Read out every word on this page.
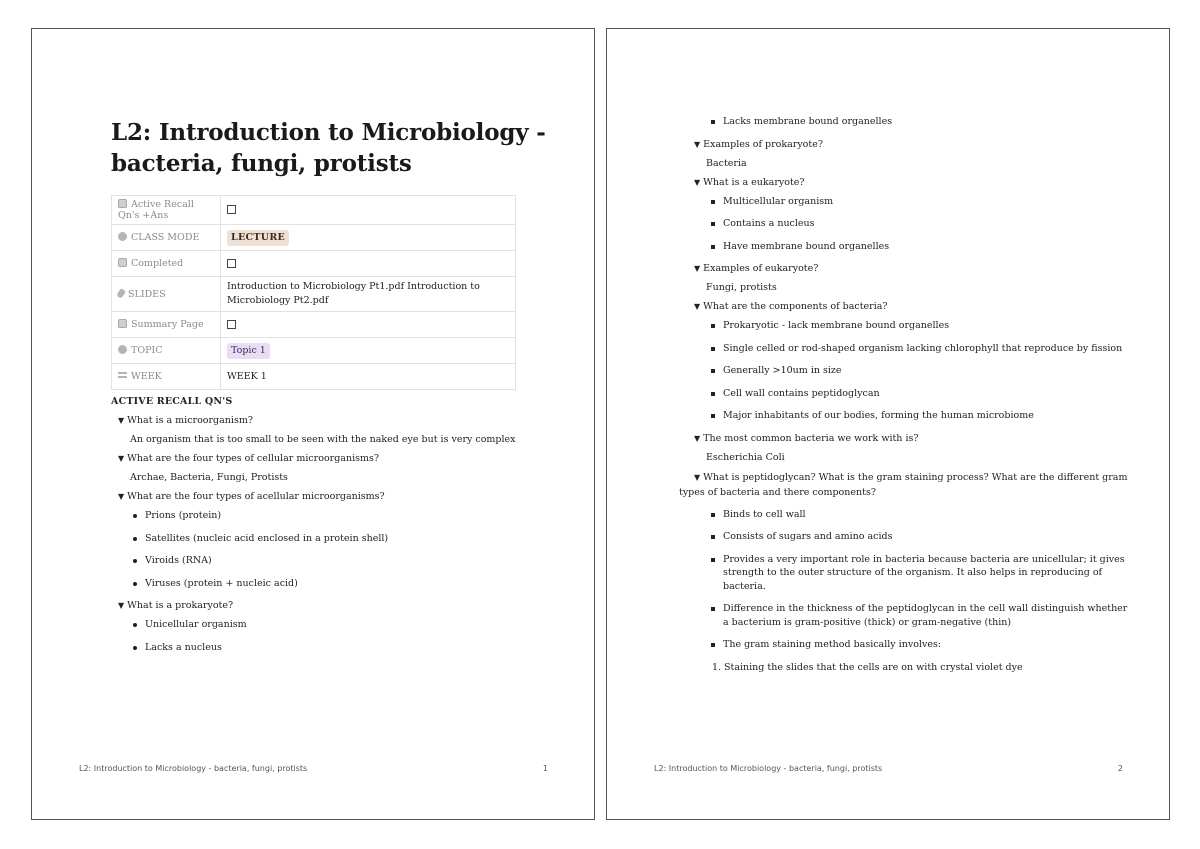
L2: Introduction to Microbiology - bacteria, fungi, protists
Active Recall Qn's +Ans	
CLASS MODE	LECTURE
Completed	
SLIDES	Introduction to Microbiology Pt1.pdf Introduction to Microbiology Pt2.pdf
Summary Page	
TOPIC	Topic 1
WEEK	WEEK 1
ACTIVE RECALL QN'S
▼ What is a microorganism?
An organism that is too small to be seen with the naked eye but is very complex
▼ What are the four types of cellular microorganisms?
Archae, Bacteria, Fungi, Protists
▼ What are the four types of acellular microorganisms?
Prions (protein)
Satellites (nucleic acid enclosed in a protein shell)
Viroids (RNA)
Viruses (protein + nucleic acid)
▼ What is a prokaryote?
Unicellular organism
Lacks a nucleus
L2: Introduction to Microbiology - bacteria, fungi, protists	1
Lacks membrane bound organelles
▼ Examples of prokaryote?
Bacteria
▼ What is a eukaryote?
Multicellular organism
Contains a nucleus
Have membrane bound organelles
▼ Examples of eukaryote?
Fungi, protists
▼ What are the components of bacteria?
Prokaryotic - lack membrane bound organelles
Single celled or rod-shaped organism lacking chlorophyll that reproduce by fission
Generally >10um in size
Cell wall contains peptidoglycan
Major inhabitants of our bodies, forming the human microbiome
▼ The most common bacteria we work with is?
Escherichia Coli
▼ What is peptidoglycan? What is the gram staining process? What are the different gram types of bacteria and there components?
Binds to cell wall
Consists of sugars and amino acids
Provides a very important role in bacteria because bacteria are unicellular; it gives strength to the outer structure of the organism. It also helps in reproducing of bacteria.
Difference in the thickness of the peptidoglycan in the cell wall distinguish whether a bacterium is gram-positive (thick) or gram-negative (thin)
The gram staining method basically involves:
1. Staining the slides that the cells are on with crystal violet dye
L2: Introduction to Microbiology - bacteria, fungi, protists	2
